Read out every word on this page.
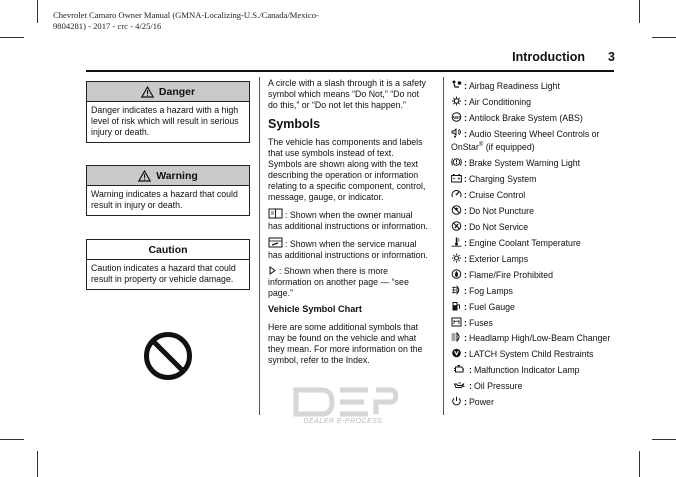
Chevrolet Camaro Owner Manual (GMNA-Localizing-U.S./Canada/Mexico-
9804281) - 2017 - crc - 4/25/16
Introduction 3
Danger
Danger indicates a hazard with a high level of risk which will result in serious injury or death.
Warning
Warning indicates a hazard that could result in injury or death.
Caution
Caution indicates a hazard that could result in property or vehicle damage.

A circle with a slash through it is a safety symbol which means “Do Not,” “Do not do this,” or “Do not let this happen.”

Symbols

The vehicle has components and labels that use symbols instead of text. Symbols are shown along with the text describing the operation or information relating to a specific component, control, message, gauge, or indicator.

: Shown when the owner manual has additional instructions or information.

: Shown when the service manual has additional instructions or information.

: Shown when there is more information on another page — “see page.”

Vehicle Symbol Chart

Here are some additional symbols that may be found on the vehicle and what they mean. For more information on the symbol, refer to the Index.

DEALER E-PROCESS
: Airbag Readiness Light
: Air Conditioning
ABS : Antilock Brake System (ABS)
: Audio Steering Wheel Controls or OnStar® (if equipped)
: Brake System Warning Light
: Charging System
: Cruise Control
: Do Not Puncture
: Do Not Service
: Engine Coolant Temperature
: Exterior Lamps
: Flame/Fire Prohibited
: Fog Lamps
: Fuel Gauge
: Fuses
: Headlamp High/Low-Beam Changer
: LATCH System Child Restraints
: Malfunction Indicator Lamp
: Oil Pressure
: Power
